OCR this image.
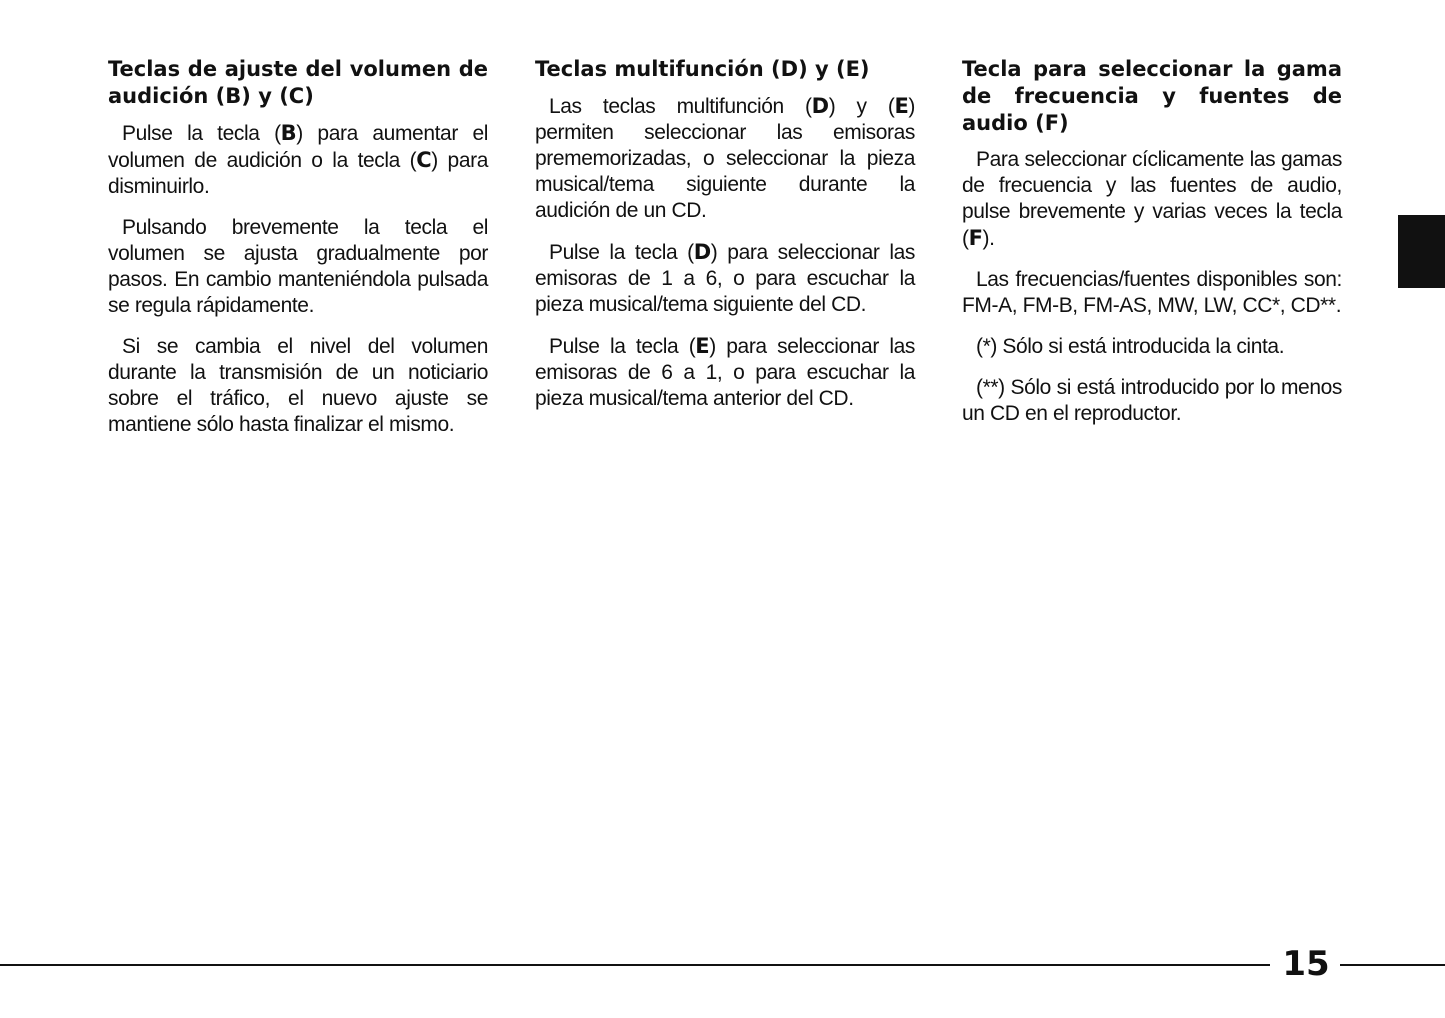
Teclas de ajuste del volumen de audición (B) y (C)

Pulse la tecla (B) para aumentar el volumen de audición o la tecla (C) para disminuirlo.

Pulsando brevemente la tecla el volumen se ajusta gradualmente por pasos. En cambio manteniéndola pulsada se regula rápidamente.

Si se cambia el nivel del volumen durante la transmisión de un noticiario sobre el tráfico, el nuevo ajuste se mantiene sólo hasta finalizar el mismo.

Teclas multifunción (D) y (E)

Las teclas multifunción (D) y (E) permiten seleccionar las emisoras prememorizadas, o seleccionar la pieza musical/tema siguiente durante la audición de un CD.

Pulse la tecla (D) para seleccionar las emisoras de 1 a 6, o para escuchar la pieza musical/tema siguiente del CD.

Pulse la tecla (E) para seleccionar las emisoras de 6 a 1, o para escuchar la pieza musical/tema anterior del CD.

Tecla para seleccionar la gama de frecuencia y fuentes de audio (F)

Para seleccionar cíclicamente las gamas de frecuencia y las fuentes de audio, pulse brevemente y varias veces la tecla (F).

Las frecuencias/fuentes disponibles son: FM-A, FM-B, FM-AS, MW, LW, CC*, CD**.

(*) Sólo si está introducida la cinta.

(**) Sólo si está introducido por lo menos un CD en el reproductor.

15
